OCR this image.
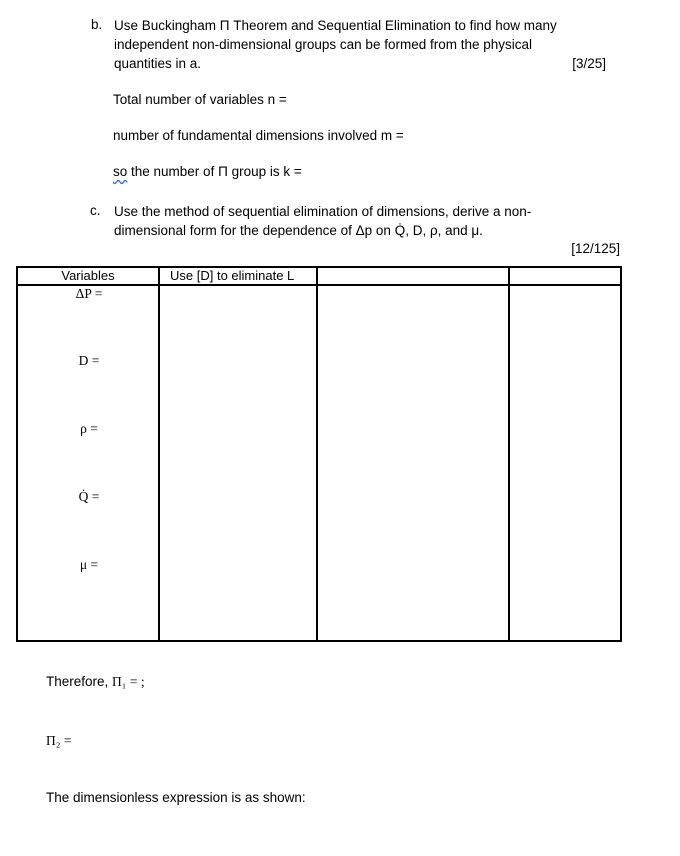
b. Use Buckingham Π Theorem and Sequential Elimination to find how many
independent non-dimensional groups can be formed from the physical
quantities in a.	[3/25]
Total number of variables n =
number of fundamental dimensions involved m =
so the number of Π group is k =
c. Use the method of sequential elimination of dimensions, derive a non-
dimensional form for the dependence of Δp on Q̇, D, ρ, and μ.
[12/125]
Variables	Use [D] to eliminate L		

ΔP =
D =
ρ =
Q̇ =
μ =			

Therefore, Π₁ = ;
Π₂ =
The dimensionless expression is as shown:
